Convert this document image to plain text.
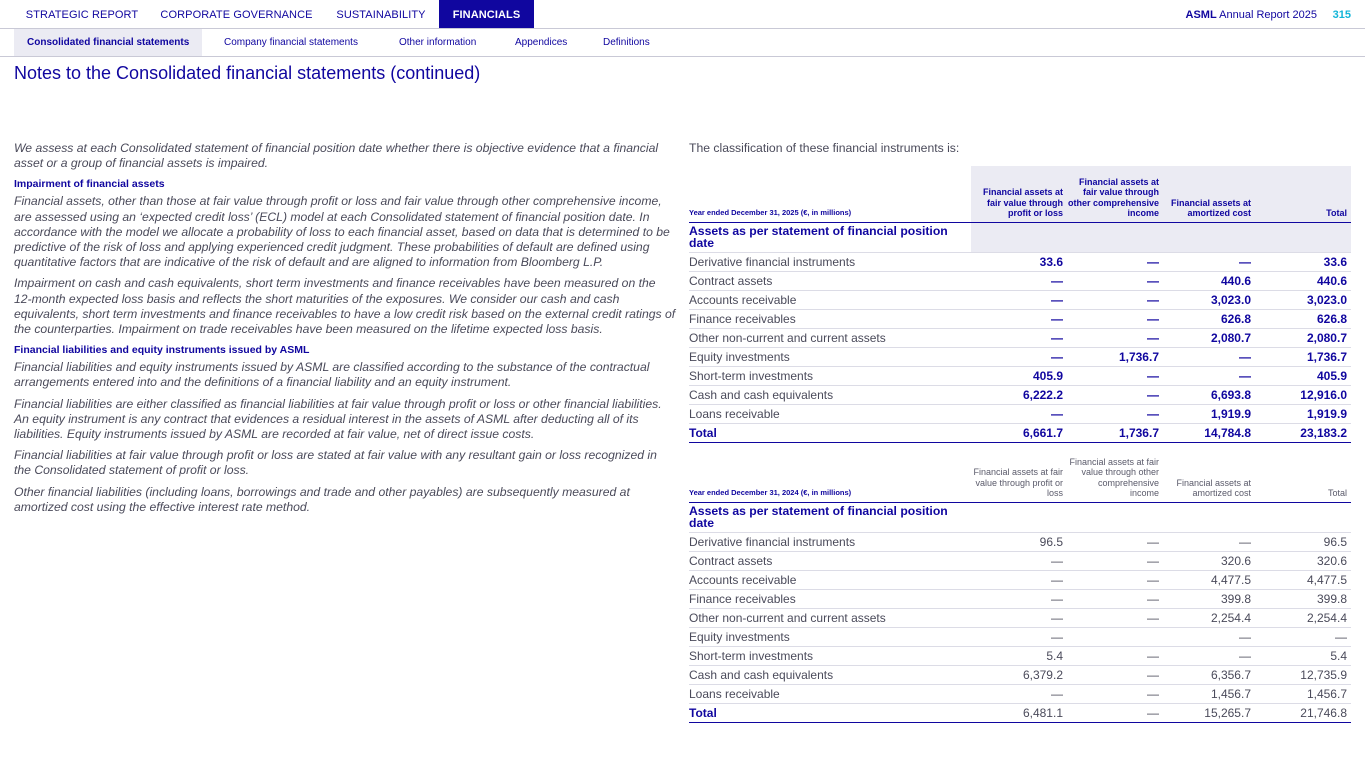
STRATEGIC REPORT	CORPORATE GOVERNANCE	SUSTAINABILITY	FINANCIALS	ASML Annual Report 2025 315
Consolidated financial statements	Company financial statements	Other information	Appendices	Definitions
Notes to the Consolidated financial statements (continued)

We assess at each Consolidated statement of financial position date whether there is objective evidence that a financial asset or a group of financial assets is impaired.

Impairment of financial assets

Financial assets, other than those at fair value through profit or loss and fair value through other comprehensive income, are assessed using an ‘expected credit loss’ (ECL) model at each Consolidated statement of financial position date. In accordance with the model we allocate a probability of loss to each financial asset, based on data that is determined to be predictive of the risk of loss and applying experienced credit judgment. These probabilities of default are defined using quantitative factors that are indicative of the risk of default and are aligned to information from Bloomberg L.P.

Impairment on cash and cash equivalents, short term investments and finance receivables have been measured on the 12-month expected loss basis and reflects the short maturities of the exposures. We consider our cash and cash equivalents, short term investments and finance receivables to have a low credit risk based on the external credit ratings of the counterparties. Impairment on trade receivables have been measured on the lifetime expected loss basis.

Financial liabilities and equity instruments issued by ASML

Financial liabilities and equity instruments issued by ASML are classified according to the substance of the contractual arrangements entered into and the definitions of a financial liability and an equity instrument.

Financial liabilities are either classified as financial liabilities at fair value through profit or loss or other financial liabilities. An equity instrument is any contract that evidences a residual interest in the assets of ASML after deducting all of its liabilities. Equity instruments issued by ASML are recorded at fair value, net of direct issue costs.

Financial liabilities at fair value through profit or loss are stated at fair value with any resultant gain or loss recognized in the Consolidated statement of profit or loss.

Other financial liabilities (including loans, borrowings and trade and other payables) are subsequently measured at amortized cost using the effective interest rate method.

The classification of these financial instruments is:
Year ended December 31, 2025 (€, in millions)	Financial assets at fair value through profit or loss	Financial assets at fair value through other comprehensive income	Financial assets at amortized cost	Total
Assets as per statement of financial position date				
Derivative financial instruments	33.6	—	—	33.6
Contract assets	—	—	440.6	440.6
Accounts receivable	—	—	3,023.0	3,023.0
Finance receivables	—	—	626.8	626.8
Other non-current and current assets	—	—	2,080.7	2,080.7
Equity investments	—	1,736.7	—	1,736.7
Short-term investments	405.9	—	—	405.9
Cash and cash equivalents	6,222.2	—	6,693.8	12,916.0
Loans receivable	—	—	1,919.9	1,919.9
Total	6,661.7	1,736.7	14,784.8	23,183.2
Year ended December 31, 2024 (€, in millions)	Financial assets at fair value through profit or loss	Financial assets at fair value through other comprehensive income	Financial assets at amortized cost	Total
Assets as per statement of financial position date				
Derivative financial instruments	96.5	—	—	96.5
Contract assets	—	—	320.6	320.6
Accounts receivable	—	—	4,477.5	4,477.5
Finance receivables	—	—	399.8	399.8
Other non-current and current assets	—	—	2,254.4	2,254.4
Equity investments	—		—	—
Short-term investments	5.4	—	—	5.4
Cash and cash equivalents	6,379.2	—	6,356.7	12,735.9
Loans receivable	—	—	1,456.7	1,456.7
Total	6,481.1	—	15,265.7	21,746.8
